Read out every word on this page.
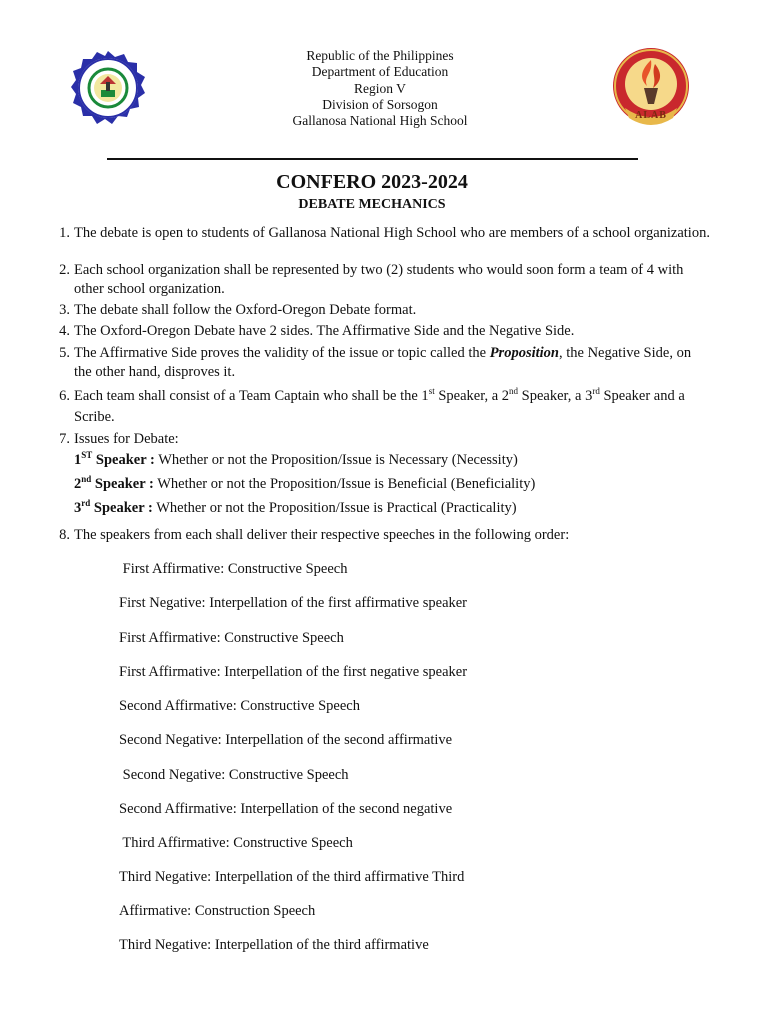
Republic of the Philippines
Department of Education
Region V
Division of Sorsogon
Gallanosa National High School	ALAB
CONFERO 2023-2024
DEBATE MECHANICS
1. The debate is open to students of Gallanosa National High School who are members of a school organization.
2. Each school organization shall be represented by two (2) students who would soon form a team of 4 with other school organization.
3. The debate shall follow the Oxford-Oregon Debate format.
4. The Oxford-Oregon Debate have 2 sides. The Affirmative Side and the Negative Side.
5. The Affirmative Side proves the validity of the issue or topic called the Proposition, the Negative Side, on the other hand, disproves it.
6. Each team shall consist of a Team Captain who shall be the 1st Speaker, a 2nd Speaker, a 3rd Speaker and a Scribe.
7. Issues for Debate:
1ST Speaker : Whether or not the Proposition/Issue is Necessary (Necessity)
2nd Speaker : Whether or not the Proposition/Issue is Beneficial (Beneficiality)
3rd Speaker : Whether or not the Proposition/Issue is Practical (Practicality)
8. The speakers from each shall deliver their respective speeches in the following order:
First Affirmative: Constructive Speech
First Negative: Interpellation of the first affirmative speaker
First Affirmative: Constructive Speech
First Affirmative: Interpellation of the first negative speaker
Second Affirmative: Constructive Speech
Second Negative: Interpellation of the second affirmative
Second Negative: Constructive Speech
Second Affirmative: Interpellation of the second negative
Third Affirmative: Constructive Speech
Third Negative: Interpellation of the third affirmative Third
Affirmative: Construction Speech
Third Negative: Interpellation of the third affirmative
